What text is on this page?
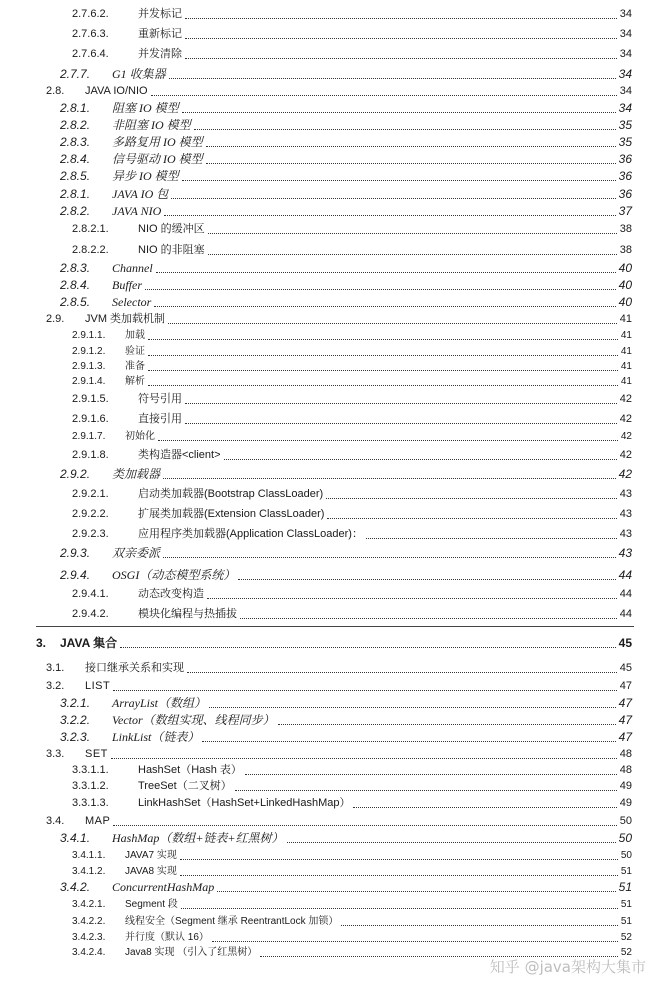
2.7.6.2.	并发标记	34
2.7.6.3.	重新标记	34
2.7.6.4.	并发清除	34
2.7.7. G1 收集器	34
2.8. JAVA IO/NIO	34
2.8.1. 阻塞 IO 模型	34
2.8.2. 非阻塞 IO 模型	35
2.8.3. 多路复用 IO 模型	35
2.8.4. 信号驱动 IO 模型	36
2.8.5. 异步 IO 模型	36
2.8.1. JAVA IO 包	36
2.8.2. JAVA NIO	37
2.8.2.1.	NIO 的缓冲区	38
2.8.2.2.	NIO 的非阻塞	38
2.8.3. Channel	40
2.8.4. Buffer	40
2.8.5. Selector	40
2.9. JVM 类加载机制	41
2.9.1.1. 加载	41
2.9.1.2. 验证	41
2.9.1.3. 准备	41
2.9.1.4. 解析	41
2.9.1.5.	符号引用	42
2.9.1.6.	直接引用	42
2.9.1.7. 初始化	42
2.9.1.8.	类构造器<client>	42
2.9.2. 类加载器	42
2.9.2.1.	启动类加载器(Bootstrap ClassLoader)	43
2.9.2.2.	扩展类加载器(Extension ClassLoader)	43
2.9.2.3.	应用程序类加载器(Application ClassLoader)：	43
2.9.3. 双亲委派	43
2.9.4. OSGI（动态模型系统）	44
2.9.4.1.	动态改变构造	44
2.9.4.2.	模块化编程与热插拔	44
3. JAVA 集合	45
3.1. 接口继承关系和实现	45
3.2. LIST	47
3.2.1. ArrayList（数组）	47
3.2.2. Vector（数组实现、线程同步）	47
3.2.3. LinkList（链表）	47
3.3. SET	48
3.3.1.1.	HashSet（Hash 表）	48
3.3.1.2.	TreeSet（二叉树）	49
3.3.1.3.	LinkHashSet（HashSet+LinkedHashMap）	49
3.4. MAP	50
3.4.1. HashMap（数组+链表+红黑树）	50
3.4.1.1. JAVA7 实现	50
3.4.1.2. JAVA8 实现	51
3.4.2. ConcurrentHashMap	51
3.4.2.1. Segment 段	51
3.4.2.2. 线程安全（Segment 继承 ReentrantLock 加锁）	51
3.4.2.3. 并行度（默认 16）	52
3.4.2.4. Java8 实现 （引入了红黑树）	52
知乎 @java架构大集市
